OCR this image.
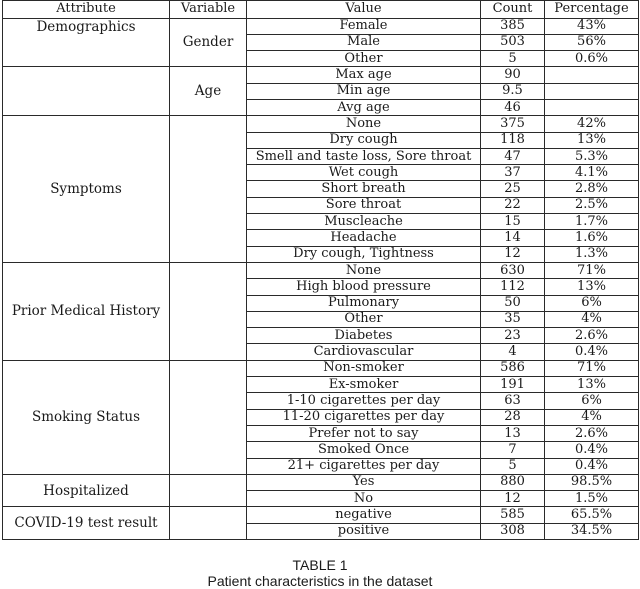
Attribute	Variable	Value	Count	Percentage
Demographics	Gender	Female	385	43%
		Male	503	56%
		Other	5	0.6%
	Age	Max age	90	
		Min age	9.5	
		Avg age	46	
Symptoms		None	375	42%
		Dry cough	118	13%
		Smell and taste loss, Sore throat	47	5.3%
		Wet cough	37	4.1%
		Short breath	25	2.8%
		Sore throat	22	2.5%
		Muscleache	15	1.7%
		Headache	14	1.6%
		Dry cough, Tightness	12	1.3%
Prior Medical History		None	630	71%
		High blood pressure	112	13%
		Pulmonary	50	6%
		Other	35	4%
		Diabetes	23	2.6%
		Cardiovascular	4	0.4%
Smoking Status		Non-smoker	586	71%
		Ex-smoker	191	13%
		1-10 cigarettes per day	63	6%
		11-20 cigarettes per day	28	4%
		Prefer not to say	13	2.6%
		Smoked Once	7	0.4%
		21+ cigarettes per day	5	0.4%
Hospitalized		Yes	880	98.5%
		No	12	1.5%
COVID-19 test result		negative	585	65.5%
		positive	308	34.5%
TABLE 1
Patient characteristics in the dataset
